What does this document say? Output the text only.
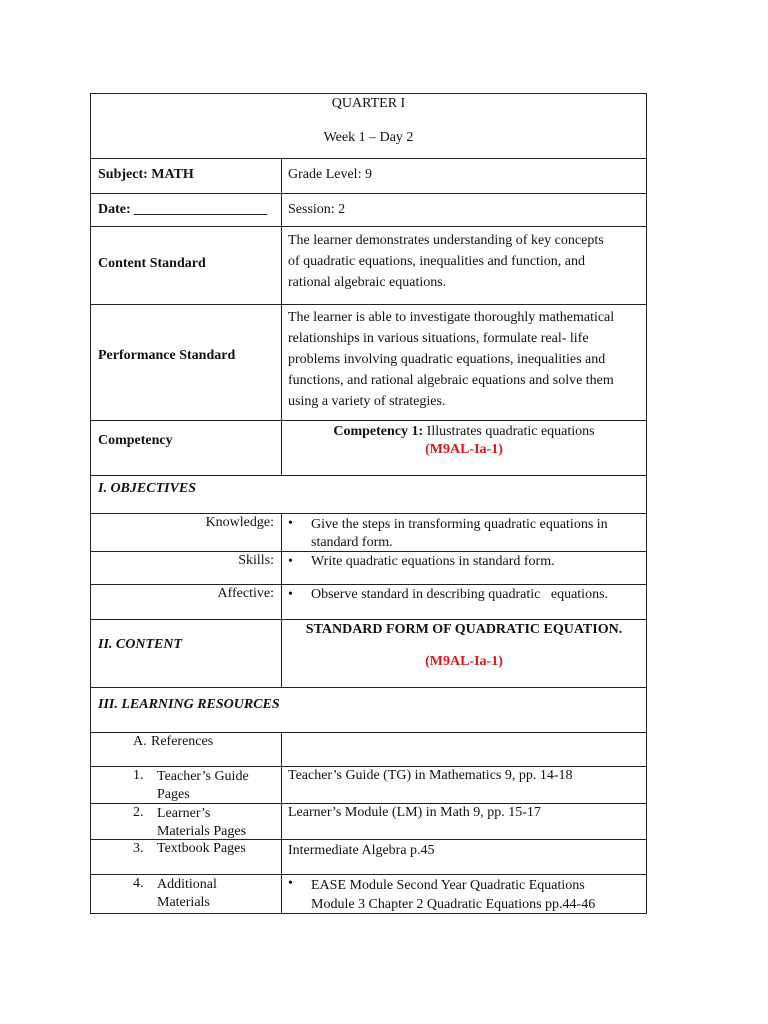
QUARTER I
Week 1 – Day 2
Subject: MATH	Grade Level: 9
Date: ___________________ Session: 2
Content Standard
The learner demonstrates understanding of key concepts
of quadratic equations, inequalities and function, and
rational algebraic equations.
Performance Standard
The learner is able to investigate thoroughly mathematical
relationships in various situations, formulate real- life
problems involving quadratic equations, inequalities and
functions, and rational algebraic equations and solve them
using a variety of strategies.
Competency
Competency 1: Illustrates quadratic equations
(M9AL-Ia-1)
I. OBJECTIVES
Knowledge: • Give the steps in transforming quadratic equations in
standard form.
Skills: • Write quadratic equations in standard form.
Affective: • Observe standard in describing quadratic   equations.
II. CONTENT
STANDARD FORM OF QUADRATIC EQUATION.
(M9AL-Ia-1)
III. LEARNING RESOURCES
A. References
1. Teacher’s Guide
Pages
Teacher’s Guide (TG) in Mathematics 9, pp. 14-18
2. Learner’s
Materials Pages
Learner’s Module (LM) in Math 9, pp. 15-17
3. Textbook Pages	Intermediate Algebra p.45
4. Additional
Materials
• EASE Module Second Year Quadratic Equations
Module 3 Chapter 2 Quadratic Equations pp.44-46
